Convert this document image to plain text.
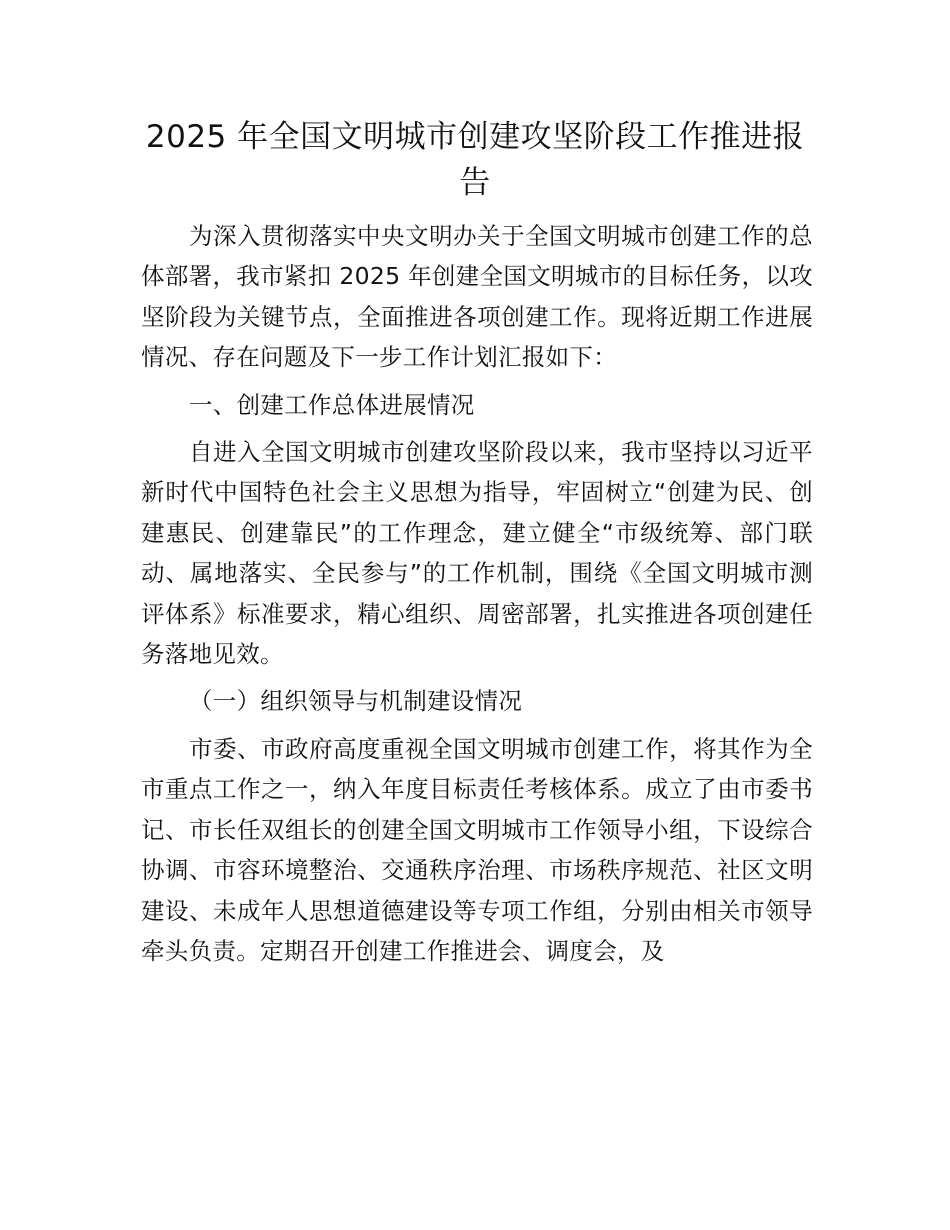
2025 年全国文明城市创建攻坚阶段工作推进报告

为深入贯彻落实中央文明办关于全国文明城市创建工作的总体部署，我市紧扣 2025 年创建全国文明城市的目标任务，以攻坚阶段为关键节点，全面推进各项创建工作。现将近期工作进展情况、存在问题及下一步工作计划汇报如下：

一、创建工作总体进展情况

自进入全国文明城市创建攻坚阶段以来，我市坚持以习近平新时代中国特色社会主义思想为指导，牢固树立“创建为民、创建惠民、创建靠民”的工作理念，建立健全“市级统筹、部门联动、属地落实、全民参与”的工作机制，围绕《全国文明城市测评体系》标准要求，精心组织、周密部署，扎实推进各项创建任务落地见效。

（一）组织领导与机制建设情况

市委、市政府高度重视全国文明城市创建工作，将其作为全市重点工作之一，纳入年度目标责任考核体系。成立了由市委书记、市长任双组长的创建全国文明城市工作领导小组，下设综合协调、市容环境整治、交通秩序治理、市场秩序规范、社区文明建设、未成年人思想道德建设等专项工作组，分别由相关市领导牵头负责。定期召开创建工作推进会、调度会，及
